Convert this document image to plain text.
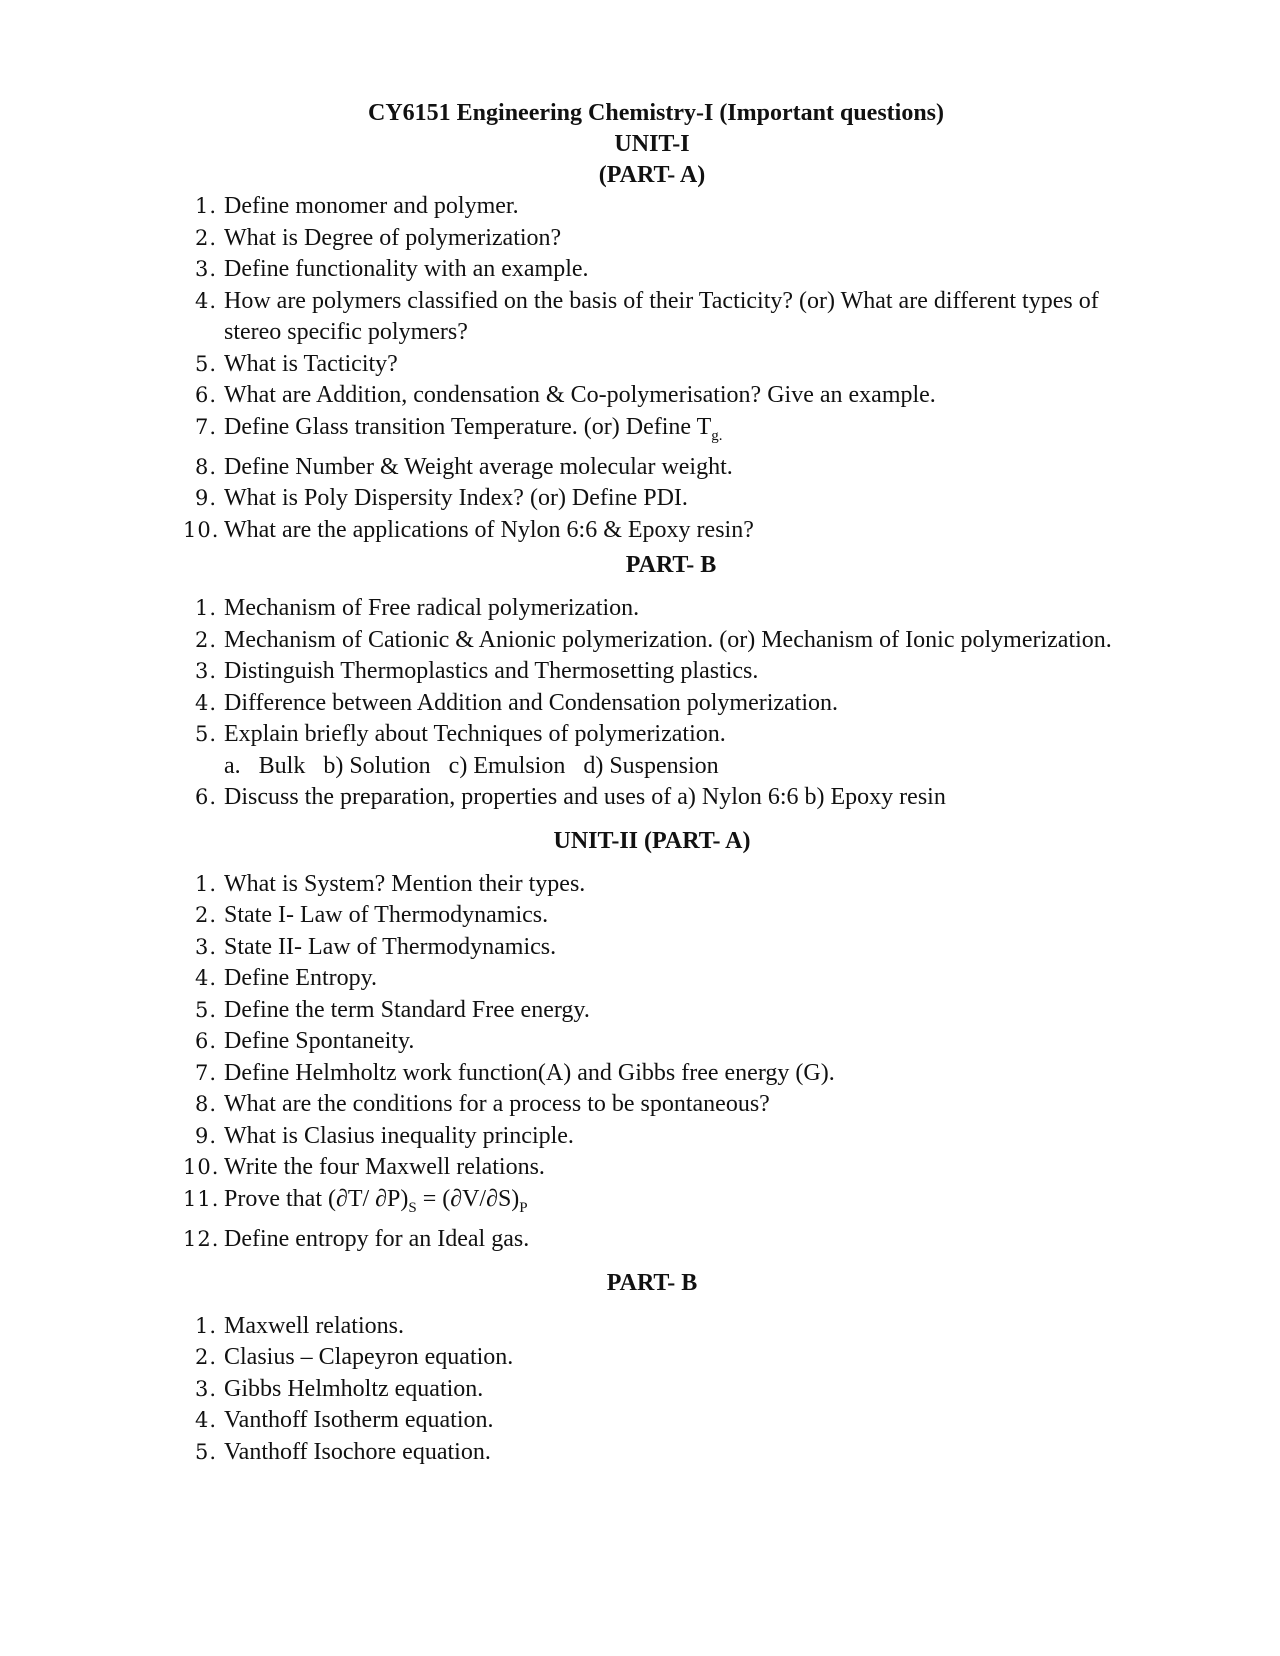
CY6151 Engineering Chemistry-I (Important questions)
UNIT-I
(PART- A)
1. Define monomer and polymer.
2. What is Degree of polymerization?
3. Define functionality with an example.
4. How are polymers classified on the basis of their Tacticity? (or) What are different types of stereo specific polymers?
5. What is Tacticity?
6. What are Addition, condensation & Co-polymerisation? Give an example.
7. Define Glass transition Temperature. (or) Define $T_{g.}$
8. Define Number & Weight average molecular weight.
9. What is Poly Dispersity Index? (or) Define PDI.
10. What are the applications of Nylon 6:6 & Epoxy resin?
PART- B
1. Mechanism of Free radical polymerization.
2. Mechanism of Cationic & Anionic polymerization. (or) Mechanism of Ionic polymerization.
3. Distinguish Thermoplastics and Thermosetting plastics.
4. Difference between Addition and Condensation polymerization.
5. Explain briefly about Techniques of polymerization.
a.   Bulk   b) Solution   c) Emulsion   d) Suspension
6. Discuss the preparation, properties and uses of a) Nylon 6:6 b) Epoxy resin
UNIT-II (PART- A)
1. What is System? Mention their types.
2. State I- Law of Thermodynamics.
3. State II- Law of Thermodynamics.
4. Define Entropy.
5. Define the term Standard Free energy.
6. Define Spontaneity.
7. Define Helmholtz work function(A) and Gibbs free energy (G).
8. What are the conditions for a process to be spontaneous?
9. What is Clasius inequality principle.
10. Write the four Maxwell relations.
11. Prove that (∂T/ $\partial P)_S = (\partial V/\partial S)_P$
12. Define entropy for an Ideal gas.
PART- B
1. Maxwell relations.
2. Clasius – Clapeyron equation.
3. Gibbs Helmholtz equation.
4. Vanthoff Isotherm equation.
5. Vanthoff Isochore equation.
